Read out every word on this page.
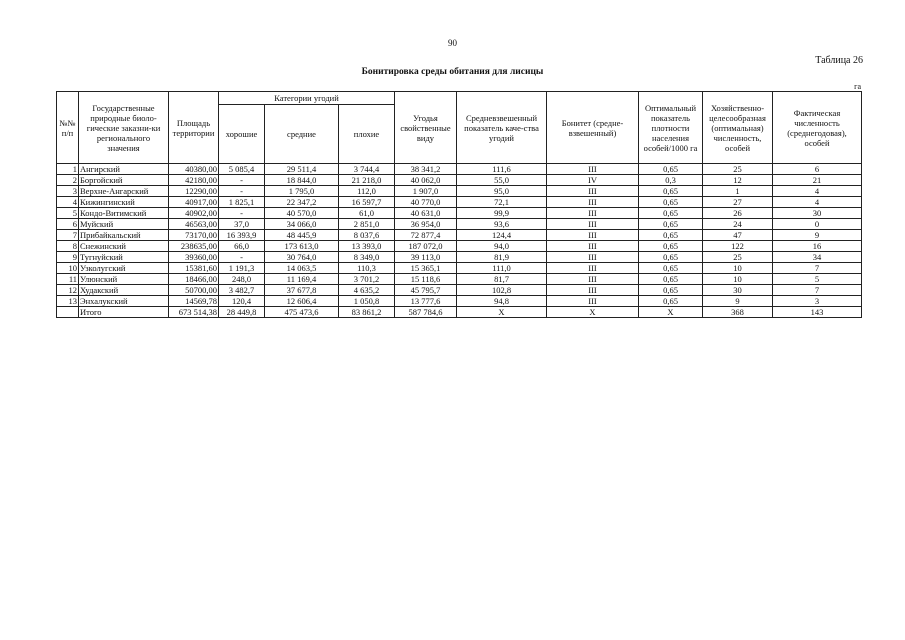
90
Таблица 26
Бонитировка среды обитания для лисицы
га
№№ п/п	Государственные природные биоло-гические заказни-ки регионального значения	Площадь территории	Категории угодий			Угодья свойственные виду	Средневзвешенный показатель каче-ства угодий	Бонитет (средне-взвешенный)	Оптимальный показатель плотности населения особей/1000 га	Хозяйственно-целесообразная (оптимальная) численность, особей	Фактическая численность (среднегодовая), особей
			хорошие	средние	плохие						
1	Ангирский	40380,00	5 085,4	29 511,4	3 744,4	38 341,2	111,6	III	0,65	25	6
2	Боргойский	42180,00	-	18 844,0	21 218,0	40 062,0	55,0	IV	0,3	12	21
3	Верхне-Ангарский	12290,00	-	1 795,0	112,0	1 907,0	95,0	III	0,65	1	4
4	Кижингинский	40917,00	1 825,1	22 347,2	16 597,7	40 770,0	72,1	III	0,65	27	4
5	Кондо-Витимский	40902,00	-	40 570,0	61,0	40 631,0	99,9	III	0,65	26	30
6	Муйский	46563,00	37,0	34 066,0	2 851,0	36 954,0	93,6	III	0,65	24	0
7	Прибайкальский	73170,00	16 393,9	48 445,9	8 037,6	72 877,4	124,4	III	0,65	47	9
8	Снежинский	238635,00	66,0	173 613,0	13 393,0	187 072,0	94,0	III	0,65	122	16
9	Тугнуйский	39360,00	-	30 764,0	8 349,0	39 113,0	81,9	III	0,65	25	34
10	Узколугский	15381,60	1 191,3	14 063,5	110,3	15 365,1	111,0	III	0,65	10	7
11	Улюнский	18466,00	248,0	11 169,4	3 701,2	15 118,6	81,7	III	0,65	10	5
12	Худакский	50700,00	3 482,7	37 677,8	4 635,2	45 795,7	102,8	III	0,65	30	7
13	Энхалукский	14569,78	120,4	12 606,4	1 050,8	13 777,6	94,8	III	0,65	9	3
	Итого	673 514,38	28 449,8	475 473,6	83 861,2	587 784,6	X	X	X	368	143
